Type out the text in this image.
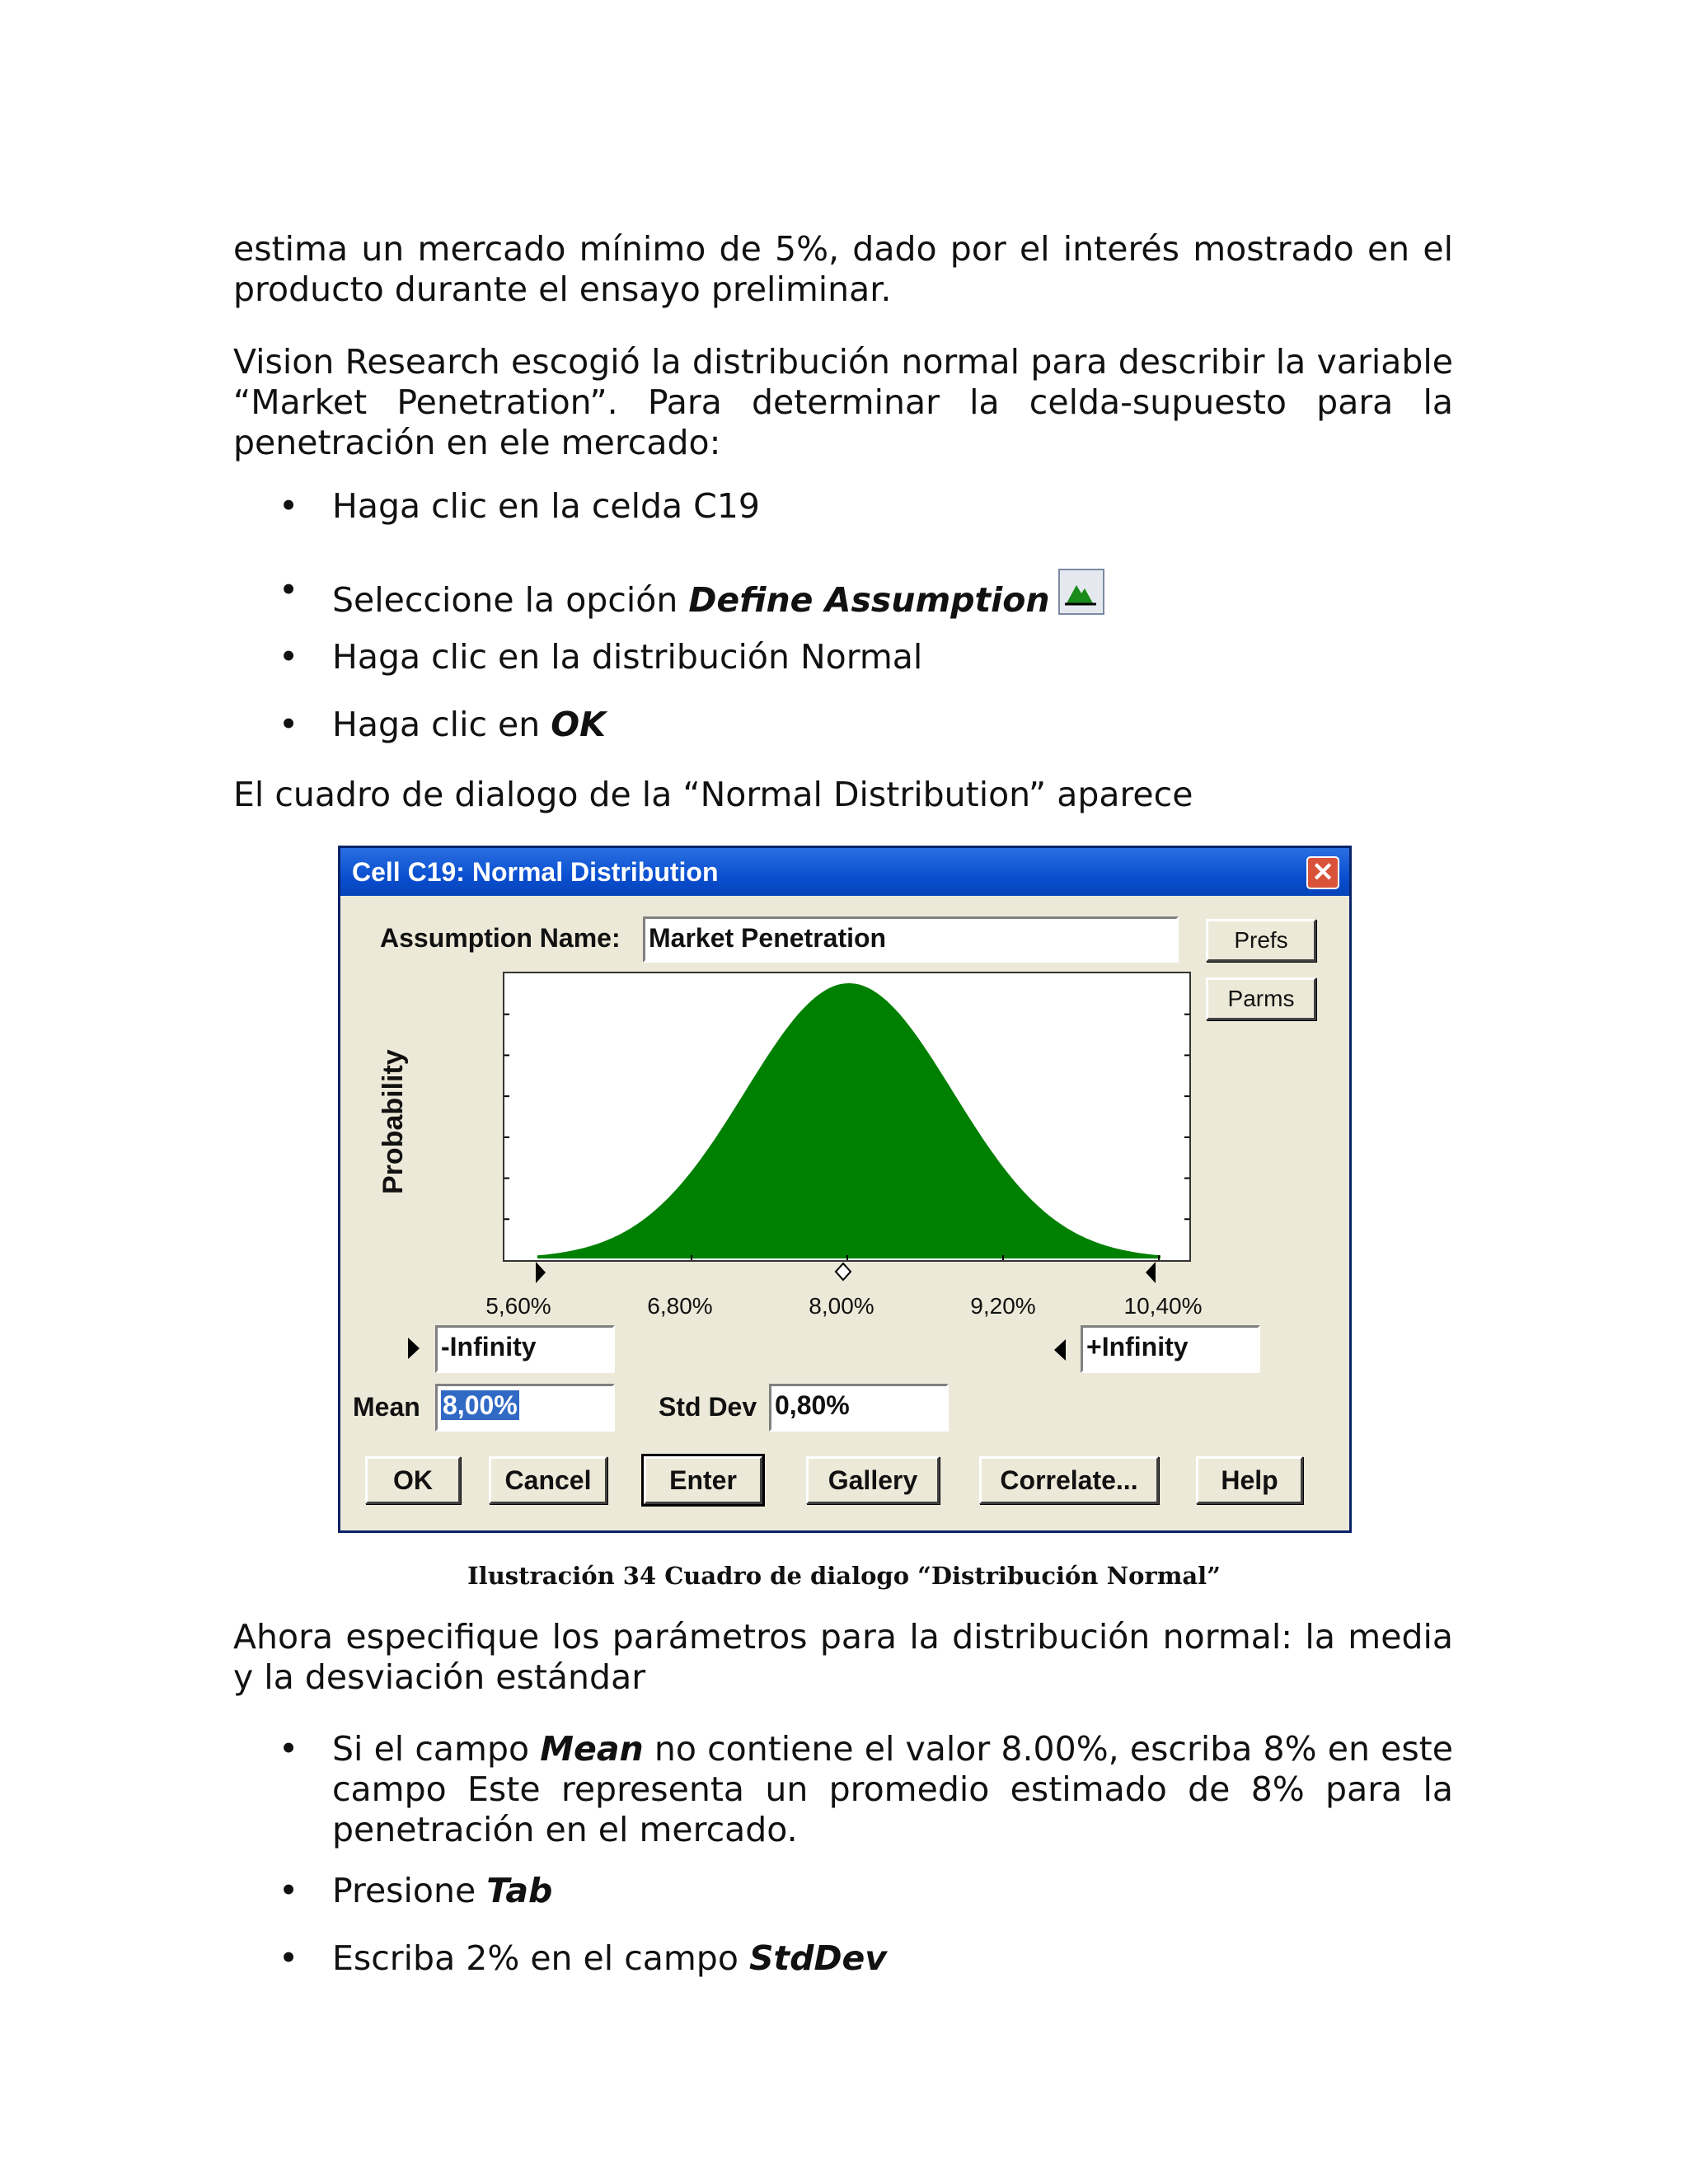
estima un mercado mínimo de 5%, dado por el interés mostrado en el producto durante el ensayo preliminar.

Vision Research escogió la distribución normal para describir la variable “Market Penetration”. Para determinar la celda-supuesto para la penetración en ele mercado:

• Haga clic en la celda C19
• Seleccione la opción Define Assumption
• Haga clic en la distribución Normal
• Haga clic en OK

El cuadro de dialogo de la “Normal Distribution” aparece

Cell C19: Normal Distribution	✕
Assumption Name: Market Penetration	Prefs
Parms
Probability
5,60%	6,80%	8,00%	9,20%	10,40%
-Infinity	+Infinity
Mean 8,00%	Std Dev 0,80%
OK	Cancel	Enter	Gallery	Correlate...	Help
Ilustración 34 Cuadro de dialogo “Distribución Normal”

Ahora especifique los parámetros para la distribución normal: la media y la desviación estándar

• Si el campo Mean no contiene el valor 8.00%, escriba 8% en este campo Este representa un promedio estimado de 8% para la penetración en el mercado.
• Presione Tab
• Escriba 2% en el campo StdDev
